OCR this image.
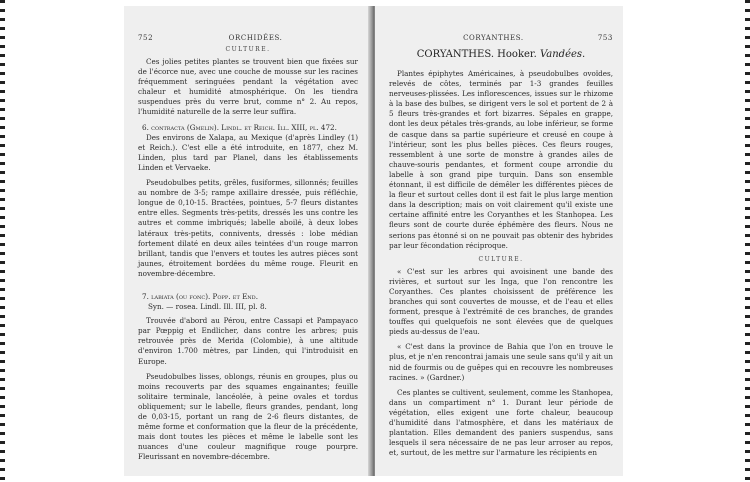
752	ORCHIDÉES.
CULTURE.

Ces jolies petites plantes se trouvent bien que fixées sur de l'écorce nue, avec une couche de mousse sur les racines fréquemment seringuées pendant la végétation avec chaleur et humidité atmosphérique. On les tiendra suspendues près du verre brut, comme n° 2. Au repos, l'humidité naturelle de la serre leur suffira.

6. contracta (Gmelin). Lindl. et Reich. Ill. XIII, pl. 472.

Des environs de Xalapa, au Mexique (d'après Lindley (1) et Reich.). C'est elle a été introduite, en 1877, chez M. Linden, plus tard par Planel, dans les établissements Linden et Vervaeke.

Pseudobulbes petits, grêles, fusiformes, sillonnés; feuilles au nombre de 3-5; rampe axillaire dressée, puis réfléchie, longue de 0,10-15. Bractées, pointues, 5-7 fleurs distantes entre elles. Segments très-petits, dressés les uns contre les autres et comme imbriqués; labelle aboilé, à deux lobes latéraux très-petits, connivents, dressés : lobe médian fortement dilaté en deux ailes teintées d'un rouge marron brillant, tandis que l'envers et toutes les autres pièces sont jaunes, étroitement bordées du même rouge. Fleurit en novembre-décembre.

7. labiata (ou fonc). Popp. et End.

Syn. — rosea. Lindl. Ill. III, pl. 8.

Trouvée d'abord au Pérou, entre Cassapi et Pampayaco par Pœppig et Endlicher, dans contre les arbres; puis retrouvée près de Merida (Colombie), à une altitude d'environ 1.700 mètres, par Linden, qui l'introduisit en Europe.

Pseudobulbes lisses, oblongs, réunis en groupes, plus ou moins recouverts par des squames engainantes; feuille solitaire terminale, lancéolée, à peine ovales et tordus obliquement; sur le labelle, fleurs grandes, pendant, long de 0,03-15, portant un rang de 2-6 fleurs distantes, de même forme et conformation que la fleur de la précédente, mais dont toutes les pièces et même le labelle sont les nuances d'une couleur magnifique rouge pourpre. Fleurissant en novembre-décembre.

CORYANTHES.	753
CORYANTHES. Hooker. Vandées.

Plantes épiphytes Américaines, à pseudobulbes ovoïdes, relevés de côtes, terminés par 1-3 grandes feuilles nerveuses-plissées. Les inflorescences, issues sur le rhizome à la base des bulbes, se dirigent vers le sol et portent de 2 à 5 fleurs très-grandes et fort bizarres. Sépales en grappe, dont les deux pétales très-grands, au lobe inférieur, se forme de casque dans sa partie supérieure et creusé en coupe à l'intérieur, sont les plus belles pièces. Ces fleurs rouges, ressemblent à une sorte de monstre à grandes ailes de chauve-souris pendantes, et forment coupe arrondie du labelle à son grand pipe turquin. Dans son ensemble étonnant, il est difficile de démêler les différentes pièces de la fleur et surtout celles dont il est fait le plus large mention dans la description; mais on voit clairement qu'il existe une certaine affinité entre les Coryanthes et les Stanhopea. Les fleurs sont de courte durée éphémère des fleurs. Nous ne serions pas étonné si on ne pouvait pas obtenir des hybrides par leur fécondation réciproque.

CULTURE.

« C'est sur les arbres qui avoisinent une bande des rivières, et surtout sur les Inga, que l'on rencontre les Coryanthes. Ces plantes choisissent de préférence les branches qui sont couvertes de mousse, et de l'eau et elles forment, presque à l'extrémité de ces branches, de grandes touffes qui quelquefois ne sont élevées que de quelques pieds au-dessus de l'eau.

« C'est dans la province de Bahia que l'on en trouve le plus, et je n'en rencontrai jamais une seule sans qu'il y ait un nid de fourmis ou de guêpes qui en recouvre les nombreuses racines. » (Gardner.)

Ces plantes se cultivent, seulement, comme les Stanhopea, dans un compartiment n° 1. Durant leur période de végétation, elles exigent une forte chaleur, beaucoup d'humidité dans l'atmosphère, et dans les matériaux de plantation. Elles demandent des paniers suspendus, sans lesquels il sera nécessaire de ne pas leur arroser au repos, et, surtout, de les mettre sur l'armature les récipients en
